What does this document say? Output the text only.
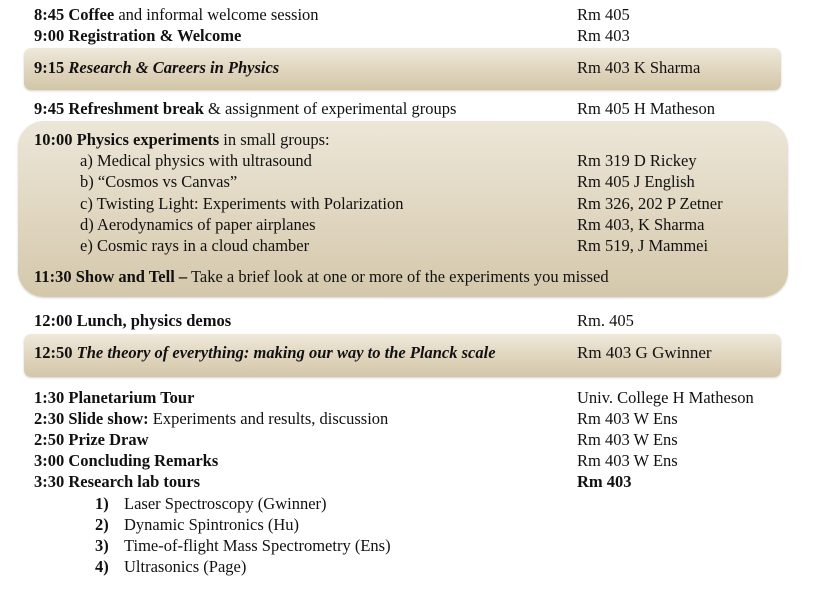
8:45 Coffee and informal welcome session	Rm 405
9:00 Registration & Welcome	Rm 403
9:15 Research & Careers in Physics	Rm 403 K Sharma
9:45 Refreshment break & assignment of experimental groups	Rm 405 H Matheson
10:00 Physics experiments in small groups:
a) Medical physics with ultrasound	Rm 319 D Rickey
b) “Cosmos vs Canvas”	Rm 405 J English
c) Twisting Light: Experiments with Polarization	Rm 326, 202 P Zetner
d) Aerodynamics of paper airplanes	Rm 403, K Sharma
e) Cosmic rays in a cloud chamber	Rm 519, J Mammei
11:30 Show and Tell – Take a brief look at one or more of the experiments you missed
12:00 Lunch, physics demos	Rm. 405
12:50 The theory of everything: making our way to the Planck scale	Rm 403 G Gwinner
1:30 Planetarium Tour	Univ. College H Matheson
2:30 Slide show: Experiments and results, discussion	Rm 403 W Ens
2:50 Prize Draw	Rm 403 W Ens
3:00 Concluding Remarks	Rm 403 W Ens
3:30 Research lab tours	Rm 403
1) Laser Spectroscopy (Gwinner)
2) Dynamic Spintronics (Hu)
3) Time-of-flight Mass Spectrometry (Ens)
4) Ultrasonics (Page)
